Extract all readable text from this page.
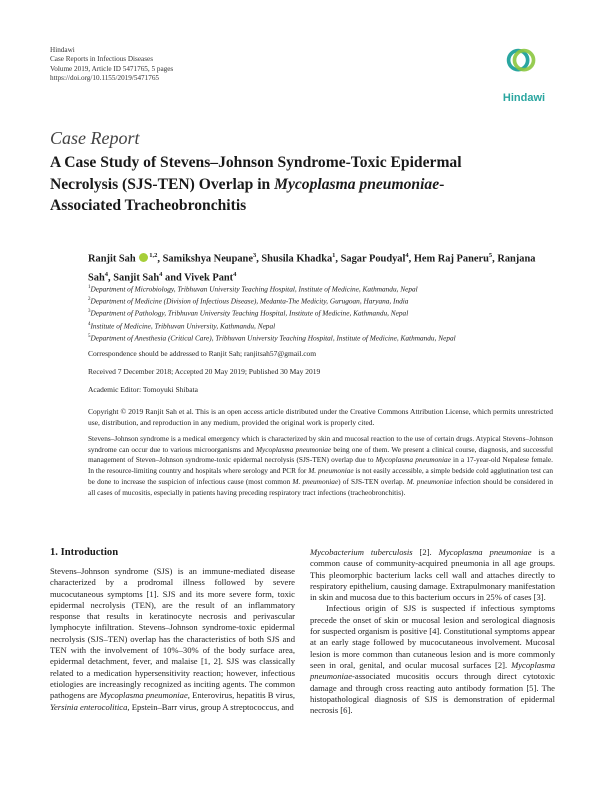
Hindawi
Case Reports in Infectious Diseases
Volume 2019, Article ID 5471765, 5 pages
https://doi.org/10.1155/2019/5471765
Hindawi
Case Report
A Case Study of Stevens–Johnson Syndrome-Toxic Epidermal
Necrolysis (SJS-TEN) Overlap in Mycoplasma pneumoniae-
Associated Tracheobronchitis
Ranjit Sah $^{1,2}$, Samikshya Neupane$^3$, Shusila Khadka$^1$, Sagar Poudyal$^4$, Hem Raj Paneru$^5$, Ranjana Sah$^4$, Sanjit Sah$^4$ and Vivek Pant$^4$
$^1$Department of Microbiology, Tribhuvan University Teaching Hospital, Institute of Medicine, Kathmandu, Nepal
$^2$Department of Medicine (Division of Infectious Disease), Medanta-The Medicity, Gurugoan, Haryana, India
$^3$Department of Pathology, Tribhuvan University Teaching Hospital, Institute of Medicine, Kathmandu, Nepal
$^4$Institute of Medicine, Tribhuvan University, Kathmandu, Nepal
$^5$Department of Anesthesia (Critical Care), Tribhuvan University Teaching Hospital, Institute of Medicine, Kathmandu, Nepal
Correspondence should be addressed to Ranjit Sah; ranjitsah57@gmail.com
Received 7 December 2018; Accepted 20 May 2019; Published 30 May 2019
Academic Editor: Tomoyuki Shibata
Copyright © 2019 Ranjit Sah et al. This is an open access article distributed under the Creative Commons Attribution License, which permits unrestricted use, distribution, and reproduction in any medium, provided the original work is properly cited.
Stevens–Johnson syndrome is a medical emergency which is characterized by skin and mucosal reaction to the use of certain drugs. Atypical Stevens–Johnson syndrome can occur due to various microorganisms and Mycoplasma pneumoniae being one of them. We present a clinical course, diagnosis, and successful management of Steven–Johnson syndrome-toxic epidermal necrolysis (SJS-TEN) overlap due to Mycoplasma pneumoniae in a 17-year-old Nepalese female. In the resource-limiting country and hospitals where serology and PCR for M. pneumoniae is not easily accessible, a simple bedside cold agglutination test can be done to increase the suspicion of infectious cause (most common M. pneumoniae) of SJS-TEN overlap. M. pneumoniae infection should be considered in all cases of mucositis, especially in patients having preceding respiratory tract infections (tracheobronchitis).
1. Introduction

Stevens–Johnson syndrome (SJS) is an immune-mediated disease characterized by a prodromal illness followed by severe mucocutaneous symptoms [1]. SJS and its more severe form, toxic epidermal necrolysis (TEN), are the result of an inflammatory response that results in keratinocyte necrosis and perivascular lymphocyte infiltration. Stevens–Johnson syndrome-toxic epidermal necrolysis (SJS–TEN) overlap has the characteristics of both SJS and TEN with the involvement of 10%–30% of the body surface area, epidermal detachment, fever, and malaise [1, 2]. SJS was classically related to a medication hypersensitivity reaction; however, infectious etiologies are increasingly recognized as inciting agents. The common pathogens are Mycoplasma pneumoniae, Enterovirus, hepatitis B virus, Yersinia enterocolitica, Epstein–Barr virus, group A streptococcus, and

Mycobacterium tuberculosis [2]. Mycoplasma pneumoniae is a common cause of community-acquired pneumonia in all age groups. This pleomorphic bacterium lacks cell wall and attaches directly to respiratory epithelium, causing damage. Extrapulmonary manifestation in skin and mucosa due to this bacterium occurs in 25% of cases [3].

Infectious origin of SJS is suspected if infectious symptoms precede the onset of skin or mucosal lesion and serological diagnosis for suspected organism is positive [4]. Constitutional symptoms appear at an early stage followed by mucocutaneous involvement. Mucosal lesion is more common than cutaneous lesion and is more commonly seen in oral, genital, and ocular mucosal surfaces [2]. Mycoplasma pneumoniae-associated mucositis occurs through direct cytotoxic damage and through cross reacting auto antibody formation [5]. The histopathological diagnosis of SJS is demonstration of epidermal necrosis [6].
